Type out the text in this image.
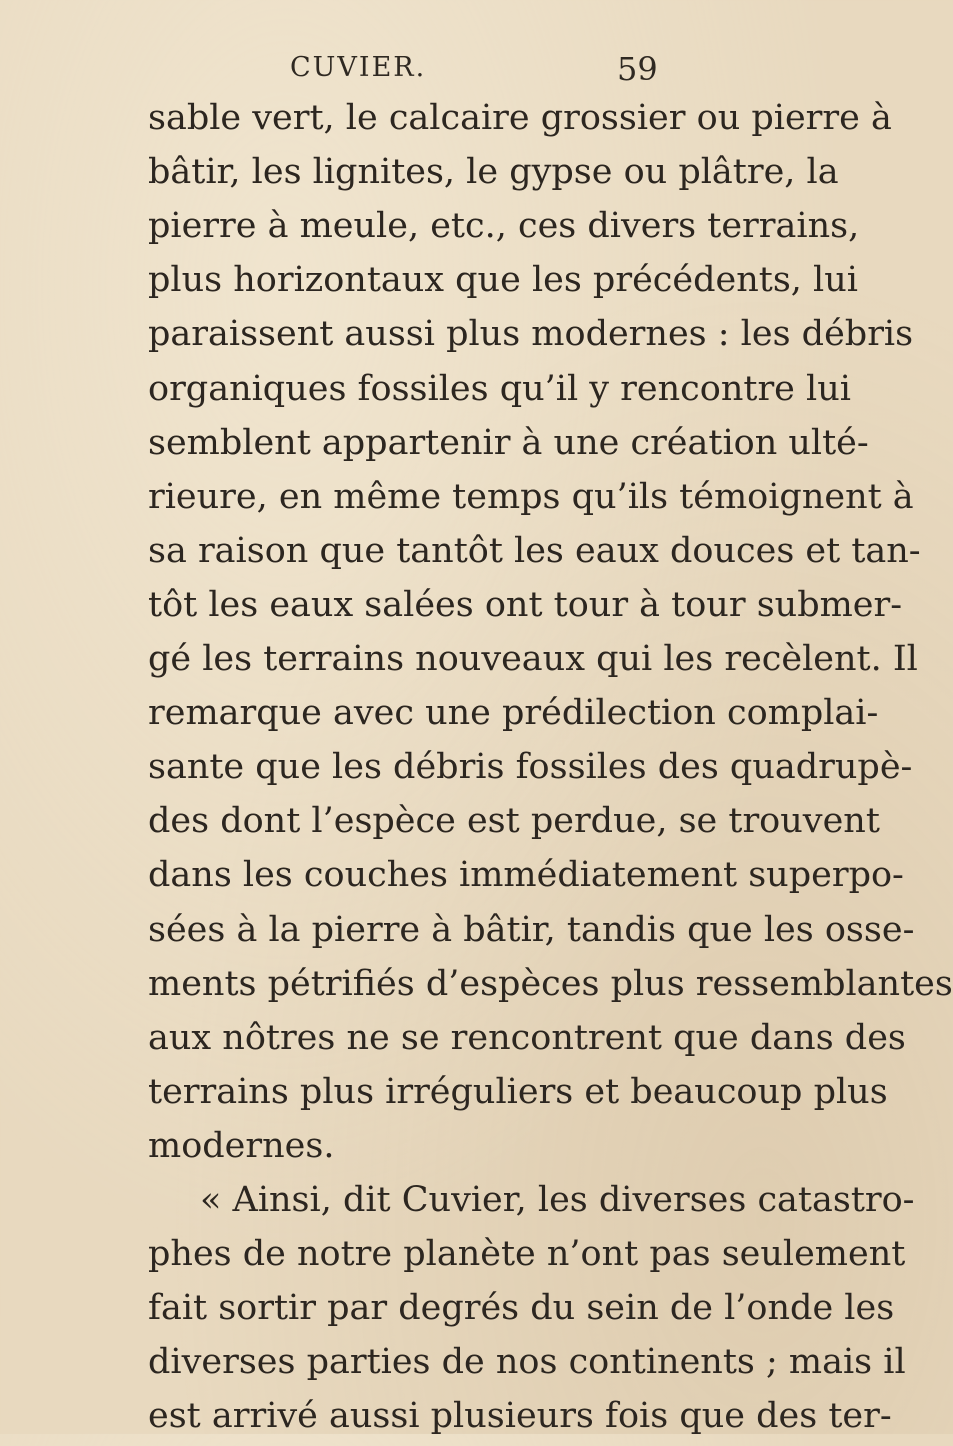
CUVIER.	59

sable vert, le calcaire grossier ou pierre à

bâtir, les lignites, le gypse ou plâtre, la

pierre à meule, etc., ces divers terrains,

plus horizontaux que les précédents, lui

paraissent aussi plus modernes : les débris

organiques fossiles qu’il y rencontre lui

semblent appartenir à une création ulté-

rieure, en même temps qu’ils témoignent à

sa raison que tantôt les eaux douces et tan-

tôt les eaux salées ont tour à tour submer-

gé les terrains nouveaux qui les recèlent. Il

remarque avec une prédilection complai-

sante que les débris fossiles des quadrupè-

des dont l’espèce est perdue, se trouvent

dans les couches immédiatement superpo-

sées à la pierre à bâtir, tandis que les osse-

ments pétrifiés d’espèces plus ressemblantes

aux nôtres ne se rencontrent que dans des

terrains plus irréguliers et beaucoup plus

modernes.

« Ainsi, dit Cuvier, les diverses catastro-

phes de notre planète n’ont pas seulement

fait sortir par degrés du sein de l’onde les

diverses parties de nos continents ; mais il

est arrivé aussi plusieurs fois que des ter-
